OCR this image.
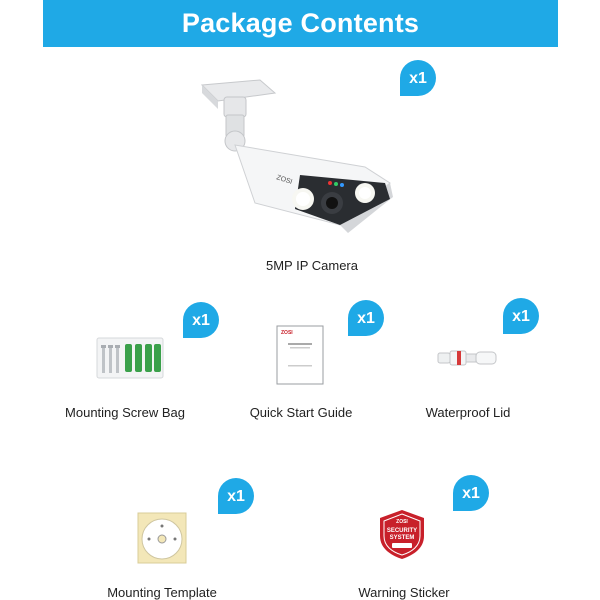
Package Contents
ZOSI
5MP IP Camera
x1
Mounting Screw Bag
x1
ZOSI
Quick Start Guide
x1
Waterproof Lid
x1
Mounting Template
x1
ZOSI
SECURITY
SYSTEM
Warning Sticker
x1
